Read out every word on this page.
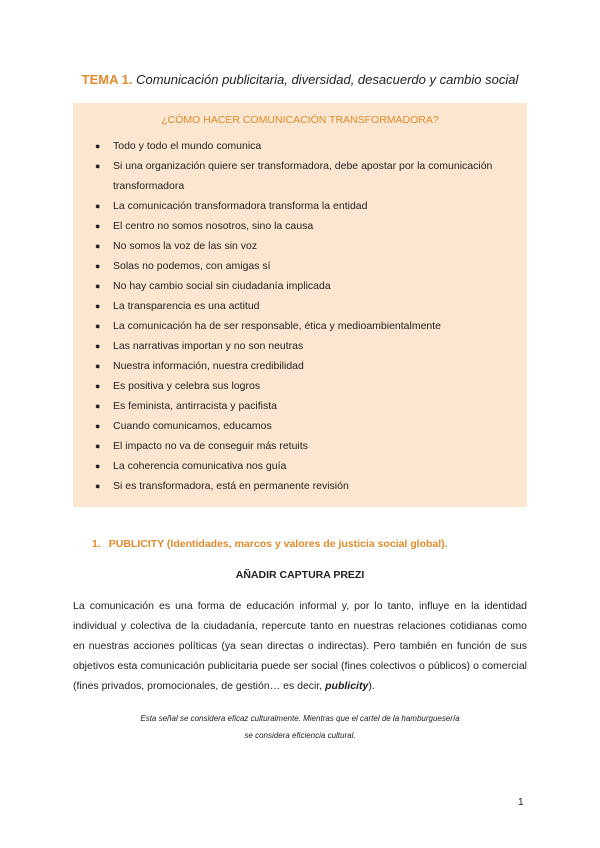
TEMA 1. Comunicación publicitaria, diversidad, desacuerdo y cambio social
¿CÓMO HACER COMUNICACIÓN TRANSFORMADORA?
● Todo y todo el mundo comunica
● Si una organización quiere ser transformadora, debe apostar por la comunicación transformadora
● La comunicación transformadora transforma la entidad
● El centro no somos nosotros, sino la causa
● No somos la voz de las sin voz
● Solas no podemos, con amigas sí
● No hay cambio social sin ciudadanía implicada
● La transparencia es una actitud
● La comunicación ha de ser responsable, ética y medioambientalmente
● Las narrativas importan y no son neutras
● Nuestra información, nuestra credibilidad
● Es positiva y celebra sus logros
● Es feminista, antirracista y pacifista
● Cuando comunicamos, educamos
● El impacto no va de conseguir más retuits
● La coherencia comunicativa nos guía
● Si es transformadora, está en permanente revisión
1. PUBLICITY (Identidades, marcos y valores de justicia social global).
AÑADIR CAPTURA PREZI
La comunicación es una forma de educación informal y, por lo tanto, influye en la identidad individual y colectiva de la ciudadanía, repercute tanto en nuestras relaciones cotidianas como en nuestras acciones políticas (ya sean directas o indirectas). Pero también en función de sus objetivos esta comunicación publicitaria puede ser social (fines colectivos o públicos) o comercial (fines privados, promocionales, de gestión… es decir, publicity).
Esta señal se considera eficaz culturalmente. Mientras que el cartel de la hamburguesería
se considera eficiencia cultural.
1
